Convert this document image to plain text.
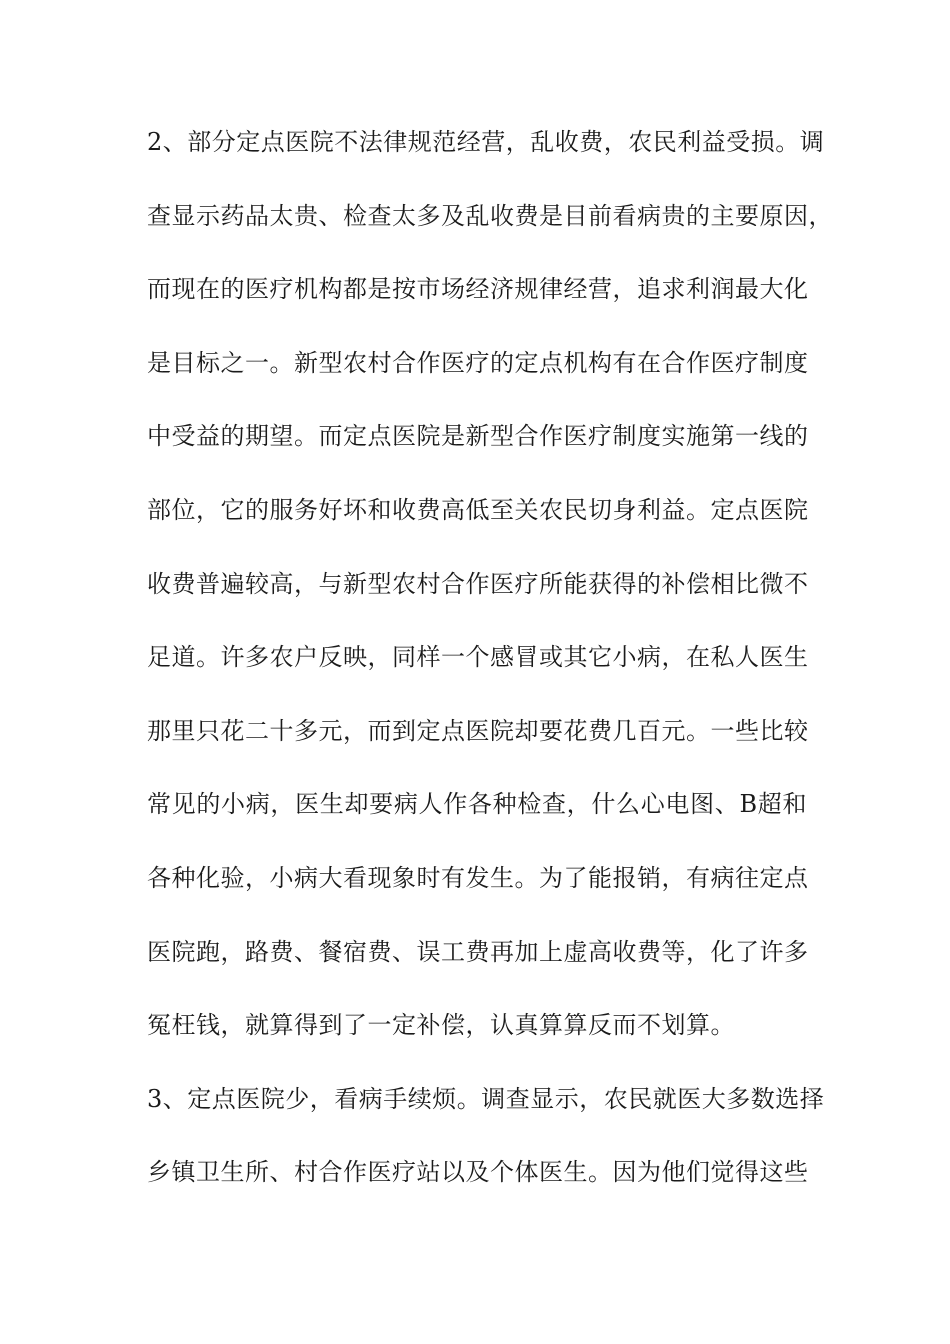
2、部分定点医院不法律规范经营，乱收费，农民利益受损。调
查显示药品太贵、检查太多及乱收费是目前看病贵的主要原因，
而现在的医疗机构都是按市场经济规律经营，追求利润最大化
是目标之一。新型农村合作医疗的定点机构有在合作医疗制度
中受益的期望。而定点医院是新型合作医疗制度实施第一线的
部位，它的服务好坏和收费高低至关农民切身利益。定点医院
收费普遍较高，与新型农村合作医疗所能获得的补偿相比微不
足道。许多农户反映，同样一个感冒或其它小病，在私人医生
那里只花二十多元，而到定点医院却要花费几百元。一些比较
常见的小病，医生却要病人作各种检查，什么心电图、B超和
各种化验，小病大看现象时有发生。为了能报销，有病往定点
医院跑，路费、餐宿费、误工费再加上虚高收费等，化了许多
冤枉钱，就算得到了一定补偿，认真算算反而不划算。
3、定点医院少，看病手续烦。调查显示，农民就医大多数选择
乡镇卫生所、村合作医疗站以及个体医生。因为他们觉得这些
